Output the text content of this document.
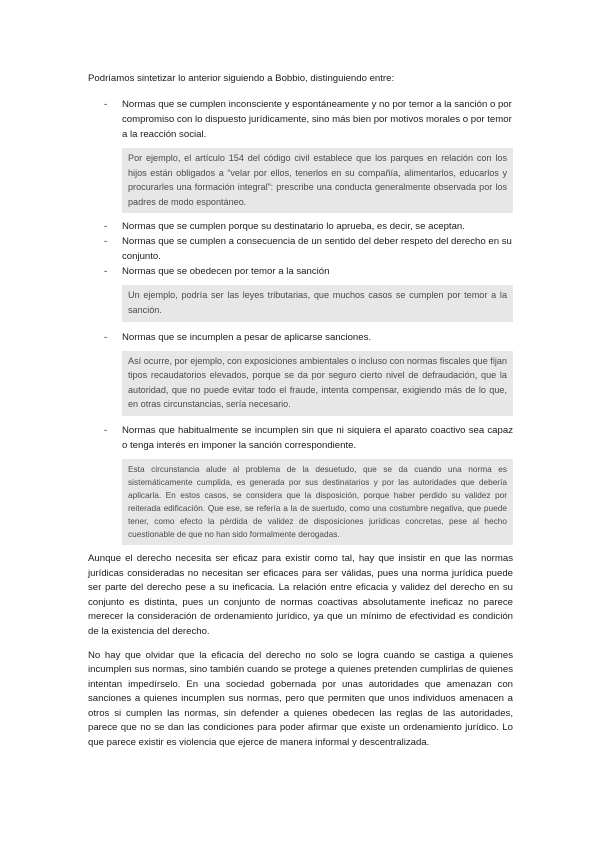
Podríamos sintetizar lo anterior siguiendo a Bobbio, distinguiendo entre:

- Normas que se cumplen inconsciente y espontáneamente y no por temor a la sanción o por compromiso con lo dispuesto jurídicamente, sino más bien por motivos morales o por temor a la reacción social.
Por ejemplo, el artículo 154 del código civil establece que los parques en relación con los hijos están obligados a “velar por ellos, tenerlos en su compañía, alimentarlos, educarlos y procurarles una formación integral”: prescribe una conducta generalmente observada por los padres de modo espontáneo.
- Normas que se cumplen porque su destinatario lo aprueba, es decir, se aceptan.
- Normas que se cumplen a consecuencia de un sentido del deber respeto del derecho en su conjunto.
- Normas que se obedecen por temor a la sanción
Un ejemplo, podría ser las leyes tributarias, que muchos casos se cumplen por temor a la sanción.
- Normas que se incumplen a pesar de aplicarse sanciones.
Así ocurre, por ejemplo, con exposiciones ambientales o incluso con normas fiscales que fijan tipos recaudatorios elevados, porque se da por seguro cierto nivel de defraudación, que la autoridad, que no puede evitar todo el fraude, intenta compensar, exigiendo más de lo que, en otras circunstancias, sería necesario.
- Normas que habitualmente se incumplen sin que ni siquiera el aparato coactivo sea capaz o tenga interés en imponer la sanción correspondiente.
Esta circunstancia alude al problema de la desuetudo, que se da cuando una norma es sistemáticamente cumplida, es generada por sus destinatarios y por las autoridades que debería aplicarla. En estos casos, se considera que la disposición, porque haber perdido su validez por reiterada edificación. Que ese, se refería a la de suertudo, como una costumbre negativa, que puede tener, como efecto la pérdida de validez de disposiciones jurídicas concretas, pese al hecho cuestionable de que no han sido formalmente derogadas.

Aunque el derecho necesita ser eficaz para existir como tal, hay que insistir en que las normas jurídicas consideradas no necesitan ser eficaces para ser válidas, pues una norma jurídica puede ser parte del derecho pese a su ineficacia. La relación entre eficacia y validez del derecho en su conjunto es distinta, pues un conjunto de normas coactivas absolutamente ineficaz no parece merecer la consideración de ordenamiento jurídico, ya que un mínimo de efectividad es condición de la existencia del derecho.

No hay que olvidar que la eficacia del derecho no solo se logra cuando se castiga a quienes incumplen sus normas, sino también cuando se protege a quienes pretenden cumplirlas de quienes intentan impedírselo. En una sociedad gobernada por unas autoridades que amenazan con sanciones a quienes incumplen sus normas, pero que permiten que unos individuos amenacen a otros si cumplen las normas, sin defender a quienes obedecen las reglas de las autoridades, parece que no se dan las condiciones para poder afirmar que existe un ordenamiento jurídico. Lo que parece existir es violencia que ejerce de manera informal y descentralizada.
